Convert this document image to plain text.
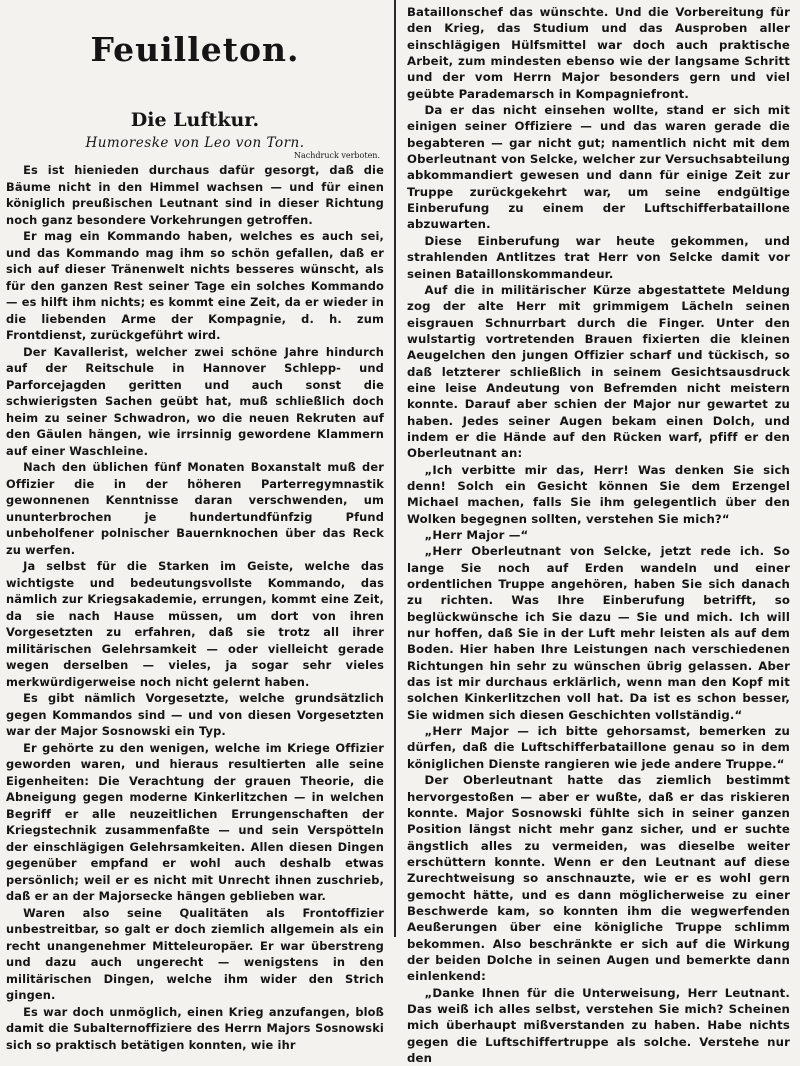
Feuilleton.
Die Luftkur.

Humoreske von Leo von Torn.

Nachdruck verboten.

Es ist hienieden durchaus dafür gesorgt, daß die Bäume nicht in den Himmel wachsen — und für einen königlich preußischen Leutnant sind in dieser Richtung noch ganz besondere Vorkehrungen getroffen.

Er mag ein Kommando haben, welches es auch sei, und das Kommando mag ihm so schön gefallen, daß er sich auf dieser Tränenwelt nichts besseres wünscht, als für den ganzen Rest seiner Tage ein solches Kommando — es hilft ihm nichts; es kommt eine Zeit, da er wieder in die liebenden Arme der Kompagnie, d. h. zum Frontdienst, zurückgeführt wird.

Der Kavallerist, welcher zwei schöne Jahre hindurch auf der Reitschule in Hannover Schlepp- und Parforcejagden geritten und auch sonst die schwierigsten Sachen geübt hat, muß schließlich doch heim zu seiner Schwadron, wo die neuen Rekruten auf den Gäulen hängen, wie irrsinnig gewordene Klammern auf einer Waschleine.

Nach den üblichen fünf Monaten Boxanstalt muß der Offizier die in der höheren Parterregymnastik gewonnenen Kenntnisse daran verschwenden, um ununterbrochen je hundertundfünfzig Pfund unbeholfener polnischer Bauernknochen über das Reck zu werfen.

Ja selbst für die Starken im Geiste, welche das wichtigste und bedeutungsvollste Kommando, das nämlich zur Kriegsakademie, errungen, kommt eine Zeit, da sie nach Hause müssen, um dort von ihren Vorgesetzten zu erfahren, daß sie trotz all ihrer militärischen Gelehrsamkeit — oder vielleicht gerade wegen derselben — vieles, ja sogar sehr vieles merkwürdigerweise noch nicht gelernt haben.

Es gibt nämlich Vorgesetzte, welche grundsätzlich gegen Kommandos sind — und von diesen Vorgesetzten war der Major Sosnowski ein Typ.

Er gehörte zu den wenigen, welche im Kriege Offizier geworden waren, und hieraus resultierten alle seine Eigenheiten: Die Verachtung der grauen Theorie, die Abneigung gegen moderne Kinkerlitzchen — in welchen Begriff er alle neuzeitlichen Errungenschaften der Kriegstechnik zusammenfaßte — und sein Verspötteln der einschlägigen Gelehrsamkeiten. Allen diesen Dingen gegenüber empfand er wohl auch deshalb etwas persönlich; weil er es nicht mit Unrecht ihnen zuschrieb, daß er an der Majorsecke hängen geblieben war.

Waren also seine Qualitäten als Frontoffizier unbestreitbar, so galt er doch ziemlich allgemein als ein recht unangenehmer Mitteleuropäer. Er war überstreng und dazu auch ungerecht — wenigstens in den militärischen Dingen, welche ihm wider den Strich gingen.

Es war doch unmöglich, einen Krieg anzufangen, bloß damit die Subalternoffiziere des Herrn Majors Sosnowski sich so praktisch betätigen konnten, wie ihr

Bataillonschef das wünschte. Und die Vorbereitung für den Krieg, das Studium und das Ausproben aller einschlägigen Hülfsmittel war doch auch praktische Arbeit, zum mindesten ebenso wie der langsame Schritt und der vom Herrn Major besonders gern und viel geübte Parademarsch in Kompagniefront.

Da er das nicht einsehen wollte, stand er sich mit einigen seiner Offiziere — und das waren gerade die begabteren — gar nicht gut; namentlich nicht mit dem Oberleutnant von Selcke, welcher zur Versuchsabteilung abkommandiert gewesen und dann für einige Zeit zur Truppe zurückgekehrt war, um seine endgültige Einberufung zu einem der Luftschifferbataillone abzuwarten.

Diese Einberufung war heute gekommen, und strahlenden Antlitzes trat Herr von Selcke damit vor seinen Bataillonskommandeur.

Auf die in militärischer Kürze abgestattete Meldung zog der alte Herr mit grimmigem Lächeln seinen eisgrauen Schnurrbart durch die Finger. Unter den wulstartig vortretenden Brauen fixierten die kleinen Aeugelchen den jungen Offizier scharf und tückisch, so daß letzterer schließlich in seinem Gesichtsausdruck eine leise Andeutung von Befremden nicht meistern konnte. Darauf aber schien der Major nur gewartet zu haben. Jedes seiner Augen bekam einen Dolch, und indem er die Hände auf den Rücken warf, pfiff er den Oberleutnant an:

„Ich verbitte mir das, Herr! Was denken Sie sich denn! Solch ein Gesicht können Sie dem Erzengel Michael machen, falls Sie ihm gelegentlich über den Wolken begegnen sollten, verstehen Sie mich?“

„Herr Major —“

„Herr Oberleutnant von Selcke, jetzt rede ich. So lange Sie noch auf Erden wandeln und einer ordentlichen Truppe angehören, haben Sie sich danach zu richten. Was Ihre Einberufung betrifft, so beglückwünsche ich Sie dazu — Sie und mich. Ich will nur hoffen, daß Sie in der Luft mehr leisten als auf dem Boden. Hier haben Ihre Leistungen nach verschiedenen Richtungen hin sehr zu wünschen übrig gelassen. Aber das ist mir durchaus erklärlich, wenn man den Kopf mit solchen Kinkerlitzchen voll hat. Da ist es schon besser, Sie widmen sich diesen Geschichten vollständig.“

„Herr Major — ich bitte gehorsamst, bemerken zu dürfen, daß die Luftschifferbataillone genau so in dem königlichen Dienste rangieren wie jede andere Truppe.“

Der Oberleutnant hatte das ziemlich bestimmt hervorgestoßen — aber er wußte, daß er das riskieren konnte. Major Sosnowski fühlte sich in seiner ganzen Position längst nicht mehr ganz sicher, und er suchte ängstlich alles zu vermeiden, was dieselbe weiter erschüttern konnte. Wenn er den Leutnant auf diese Zurechtweisung so anschnauzte, wie er es wohl gern gemocht hätte, und es dann möglicherweise zu einer Beschwerde kam, so konnten ihm die wegwerfenden Aeußerungen über eine königliche Truppe schlimm bekommen. Also beschränkte er sich auf die Wirkung der beiden Dolche in seinen Augen und bemerkte dann einlenkend:

„Danke Ihnen für die Unterweisung, Herr Leutnant. Das weiß ich alles selbst, verstehen Sie mich? Scheinen mich überhaupt mißverstanden zu haben. Habe nichts gegen die Luftschiffertruppe als solche. Verstehe nur den
